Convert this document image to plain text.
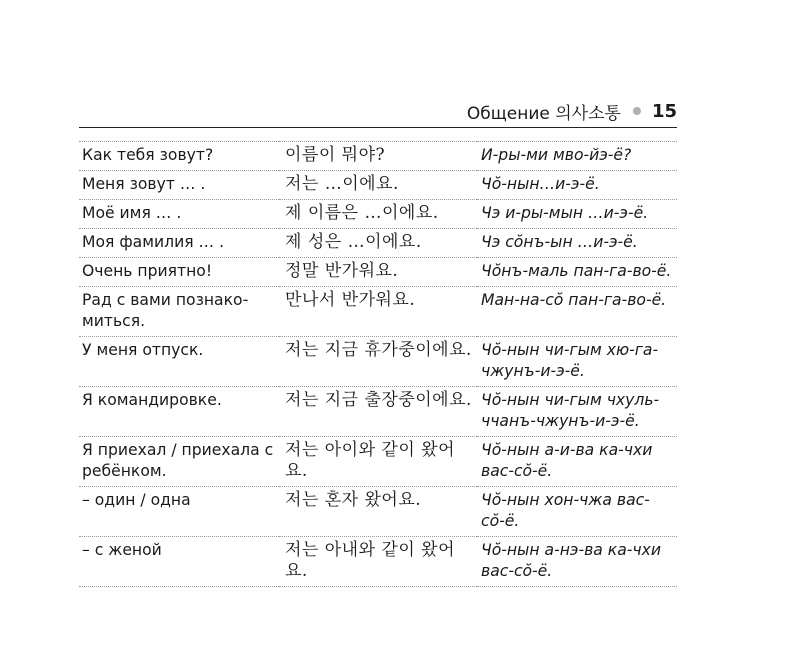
Общение 의사소통 15
Как тебя зовут?	이름이 뭐야?	И-ры-ми мво-йэ-ё?
Меня зовут … .	저는 …이에요.	Чŏ-нын…и-э-ё.
Моё имя … .	제 이름은 …이에요.	Чэ и-ры-мын …и-э-ё.
Моя фамилия … .	제 성은 …이에요.	Чэ сŏнъ-ын …и-э-ё.
Очень приятно!	정말 반가워요.	Чŏнъ-маль пан-га-во-ё.
Рад с вами познако-миться.	만나서 반가워요.	Ман-на-сŏ пан-га-во-ё.
У меня отпуск.	저는 지금 휴가중이에요.	Чŏ-нын чи-гым хю-га-чжунъ-и-э-ё.
Я командировке.	저는 지금 출장중이에요.	Чŏ-нын чи-гым чхуль-ччанъ-чжунъ-и-э-ё.
Я приехал / приехала с ребёнком.	저는 아이와 같이 왔어요.	Чŏ-нын а-и-ва ка-чхи вас-сŏ-ё.
– один / одна	저는 혼자 왔어요.	Чŏ-нын хон-чжа вас-сŏ-ё.
– с женой	저는 아내와 같이 왔어요.	Чŏ-нын а-нэ-ва ка-чхи вас-сŏ-ё.
